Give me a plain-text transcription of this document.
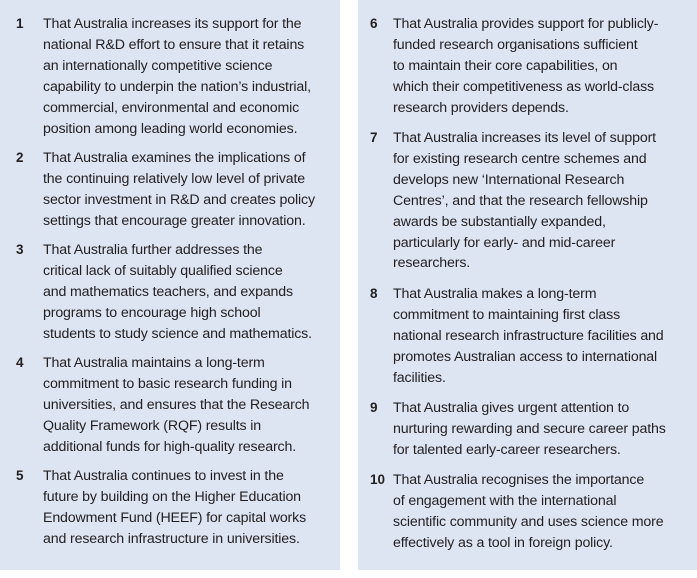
1	That Australia increases its support for the
national R&D effort to ensure that it retains
an internationally competitive science
capability to underpin the nation’s industrial,
commercial, environmental and economic
position among leading world economies.
2	That Australia examines the implications of
the continuing relatively low level of private
sector investment in R&D and creates policy
settings that encourage greater innovation.
3	That Australia further addresses the
critical lack of suitably qualified science
and mathematics teachers, and expands
programs to encourage high school
students to study science and mathematics.
4	That Australia maintains a long-term
commitment to basic research funding in
universities, and ensures that the Research
Quality Framework (RQF) results in
additional funds for high-quality research.
5	That Australia continues to invest in the
future by building on the Higher Education
Endowment Fund (HEEF) for capital works
and research infrastructure in universities.
6	That Australia provides support for publicly-
funded research organisations sufficient
to maintain their core capabilities, on
which their competitiveness as world-class
research providers depends.
7	That Australia increases its level of support
for existing research centre schemes and
develops new ‘International Research
Centres’, and that the research fellowship
awards be substantially expanded,
particularly for early- and mid-career
researchers.
8	That Australia makes a long-term
commitment to maintaining first class
national research infrastructure facilities and
promotes Australian access to international
facilities.
9	That Australia gives urgent attention to
nurturing rewarding and secure career paths
for talented early-career researchers.
10 That Australia recognises the importance
of engagement with the international
scientific community and uses science more
effectively as a tool in foreign policy.
